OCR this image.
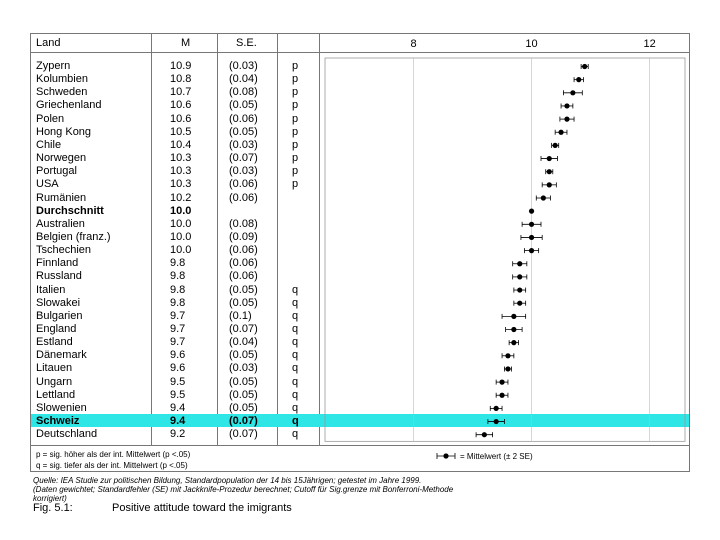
Land	M	S.E.
Zypern	10.9	(0.03)	p
Kolumbien	10.8	(0.04)	p
Schweden	10.7	(0.08)	p
Griechenland	10.6	(0.05)	p
Polen	10.6	(0.06)	p
Hong Kong	10.5	(0.05)	p
Chile	10.4	(0.03)	p
Norwegen	10.3	(0.07)	p
Portugal	10.3	(0.03)	p
USA	10.3	(0.06)	p
Rumänien	10.2	(0.06)
Durchschnitt	10.0
Australien	10.0	(0.08)
Belgien (franz.)	10.0	(0.09)
Tschechien	10.0	(0.06)
Finnland	9.8	(0.06)
Russland	9.8	(0.06)
Italien	9.8	(0.05)	q
Slowakei	9.8	(0.05)	q
Bulgarien	9.7	(0.1)	q
England	9.7	(0.07)	q
Estland	9.7	(0.04)	q
Dänemark	9.6	(0.05)	q
Litauen	9.6	(0.03)	q
Ungarn	9.5	(0.05)	q
Lettland	9.5	(0.05)	q
Slowenien	9.4	(0.05)	q
Schweiz	9.4	(0.07)	q
Deutschland	9.2	(0.07)	q
8	10	12
p = sig. höher als der int. Mittelwert (p <.05)
q = sig. tiefer als der int. Mittelwert (p <.05)
= Mittelwert (± 2 SE)
Quelle: IEA Studie zur politischen Bildung, Standardpopulation der 14 bis 15Jährigen; getestet im Jahre 1999.
(Daten gewichtet; Standardfehler (SE) mit Jackknife-Prozedur berechnet; Cutoff für Sig.grenze mit Bonferroni-Methode
korrigiert)
Fig. 5.1:	Positive attitude toward the imigrants
